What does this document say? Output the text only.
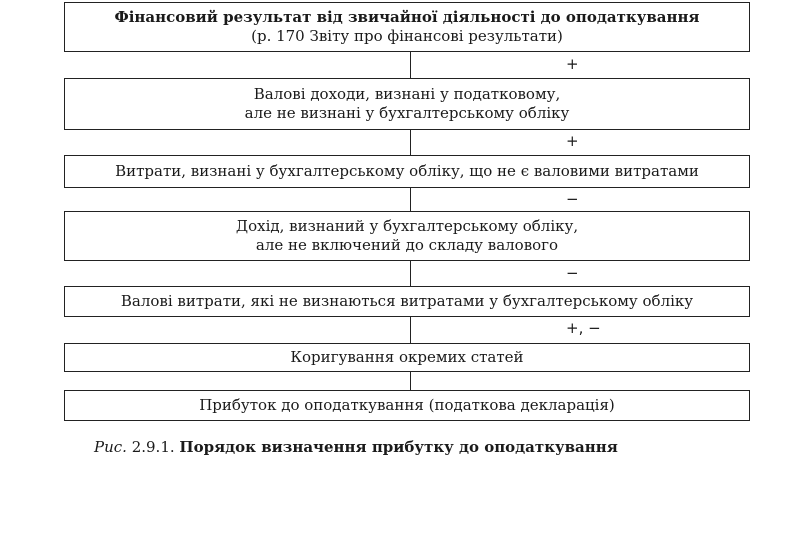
Фінансовий результат від звичайної діяльності до оподаткування
(р. 170 Звіту про фінансові результати)
+
Валові доходи, визнані у податковому,
але не визнані у бухгалтерському обліку
+
Витрати, визнані у бухгалтерському обліку, що не є валовими витратами
−
Дохід, визнаний у бухгалтерському обліку,
але не включений до складу валового
−
Валові витрати, які не визнаються витратами у бухгалтерському обліку
+, −
Коригування окремих статей
Прибуток до оподаткування (податкова декларація)
Рис. 2.9.1. Порядок визначення прибутку до оподаткування
